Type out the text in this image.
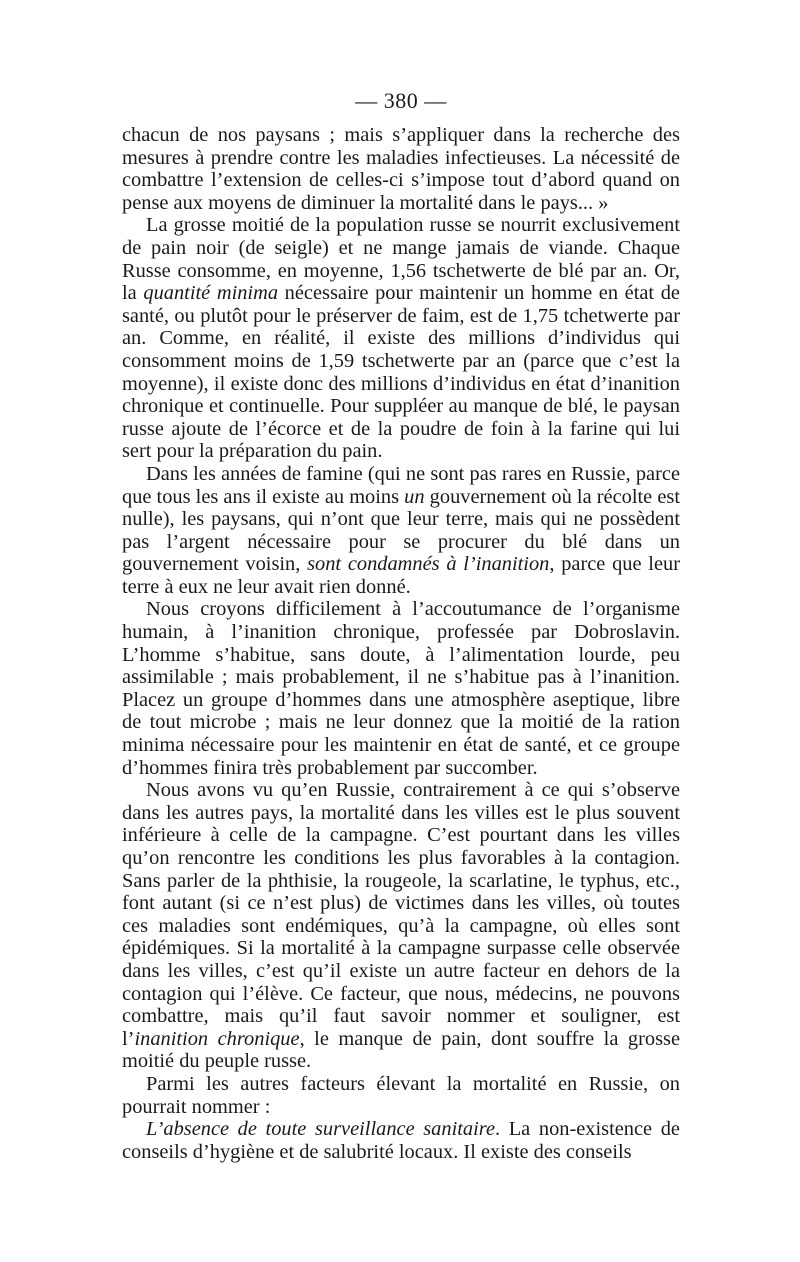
— 380 —

chacun de nos paysans ; mais s’appliquer dans la recherche des mesures à prendre contre les maladies infectieuses. La nécessité de combattre l’extension de celles-ci s’impose tout d’abord quand on pense aux moyens de diminuer la mortalité dans le pays... »

La grosse moitié de la population russe se nourrit exclusivement de pain noir (de seigle) et ne mange jamais de viande. Chaque Russe consomme, en moyenne, 1,56 tschetwerte de blé par an. Or, la quantité minima nécessaire pour maintenir un homme en état de santé, ou plutôt pour le préserver de faim, est de 1,75 tchetwerte par an. Comme, en réalité, il existe des millions d’individus qui consomment moins de 1,59 tschetwerte par an (parce que c’est la moyenne), il existe donc des millions d’individus en état d’inanition chronique et continuelle. Pour suppléer au manque de blé, le paysan russe ajoute de l’écorce et de la poudre de foin à la farine qui lui sert pour la préparation du pain.

Dans les années de famine (qui ne sont pas rares en Russie, parce que tous les ans il existe au moins un gouvernement où la récolte est nulle), les paysans, qui n’ont que leur terre, mais qui ne possèdent pas l’argent nécessaire pour se procurer du blé dans un gouvernement voisin, sont condamnés à l’inanition, parce que leur terre à eux ne leur avait rien donné.

Nous croyons difficilement à l’accoutumance de l’organisme humain, à l’inanition chronique, professée par Dobroslavin. L’homme s’habitue, sans doute, à l’alimentation lourde, peu assimilable ; mais probablement, il ne s’habitue pas à l’inanition. Placez un groupe d’hommes dans une atmosphère aseptique, libre de tout microbe ; mais ne leur donnez que la moitié de la ration minima nécessaire pour les maintenir en état de santé, et ce groupe d’hommes finira très probablement par succomber.

Nous avons vu qu’en Russie, contrairement à ce qui s’observe dans les autres pays, la mortalité dans les villes est le plus souvent inférieure à celle de la campagne. C’est pourtant dans les villes qu’on rencontre les conditions les plus favorables à la contagion. Sans parler de la phthisie, la rougeole, la scarlatine, le typhus, etc., font autant (si ce n’est plus) de victimes dans les villes, où toutes ces maladies sont endémiques, qu’à la campagne, où elles sont épidémiques. Si la mortalité à la campagne surpasse celle observée dans les villes, c’est qu’il existe un autre facteur en dehors de la contagion qui l’élève. Ce facteur, que nous, médecins, ne pouvons combattre, mais qu’il faut savoir nommer et souligner, est l’inanition chronique, le manque de pain, dont souffre la grosse moitié du peuple russe.

Parmi les autres facteurs élevant la mortalité en Russie, on pourrait nommer :

L’absence de toute surveillance sanitaire. La non-existence de conseils d’hygiène et de salubrité locaux. Il existe des conseils
